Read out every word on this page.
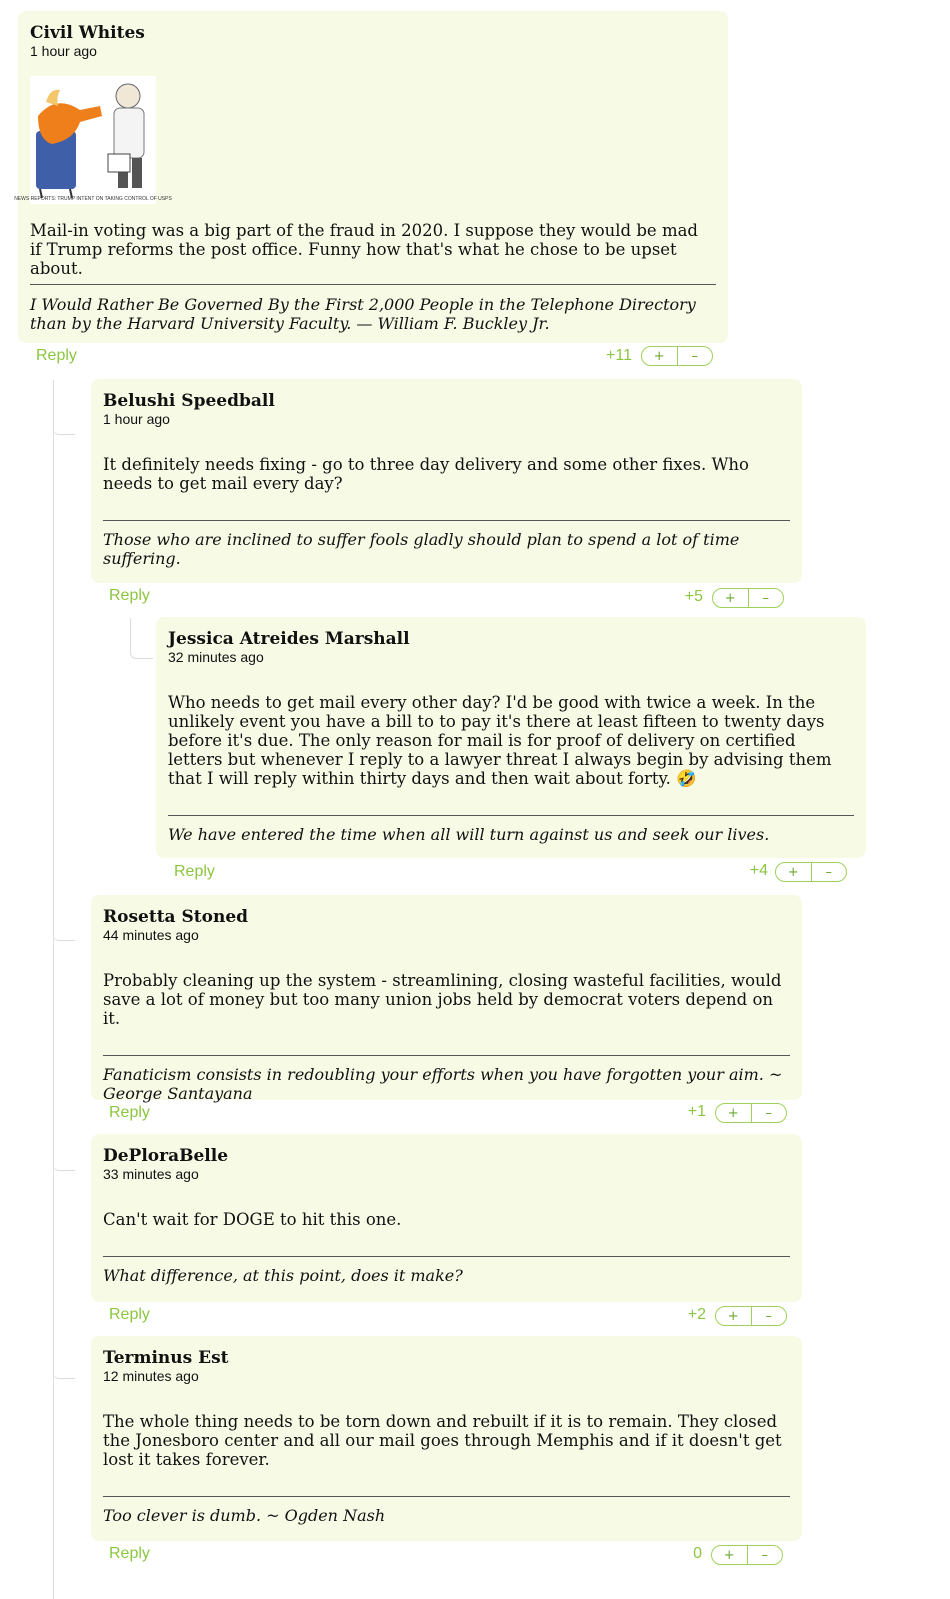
Civil Whites
1 hour ago
NEWS REPORTS: TRUMP INTENT ON TAKING CONTROL OF USPS
Mail-in voting was a big part of the fraud in 2020. I suppose they would be mad if Trump reforms the post office. Funny how that's what he chose to be upset about.
I Would Rather Be Governed By the First 2,000 People in the Telephone Directory than by the Harvard University Faculty. — William F. Buckley Jr.
Reply	+11	+	–
Belushi Speedball
1 hour ago
It definitely needs fixing - go to three day delivery and some other fixes. Who needs to get mail every day?
Those who are inclined to suffer fools gladly should plan to spend a lot of time suffering.
Reply	+5	+	–
Jessica Atreides Marshall
32 minutes ago
Who needs to get mail every other day? I'd be good with twice a week. In the unlikely event you have a bill to to pay it's there at least fifteen to twenty days before it's due. The only reason for mail is for proof of delivery on certified letters but whenever I reply to a lawyer threat I always begin by advising them that I will reply within thirty days and then wait about forty. 🤣
We have entered the time when all will turn against us and seek our lives.
Reply	+4	+	–
Rosetta Stoned
44 minutes ago
Probably cleaning up the system - streamlining, closing wasteful facilities, would save a lot of money but too many union jobs held by democrat voters depend on it.
Fanaticism consists in redoubling your efforts when you have forgotten your aim. ~ George Santayana
Reply	+1	+	–
DePloraBelle
33 minutes ago
Can't wait for DOGE to hit this one.
What difference, at this point, does it make?
Reply	+2	+	–
Terminus Est
12 minutes ago
The whole thing needs to be torn down and rebuilt if it is to remain. They closed the Jonesboro center and all our mail goes through Memphis and if it doesn't get lost it takes forever.
Too clever is dumb. ~ Ogden Nash
Reply	0	+	–
